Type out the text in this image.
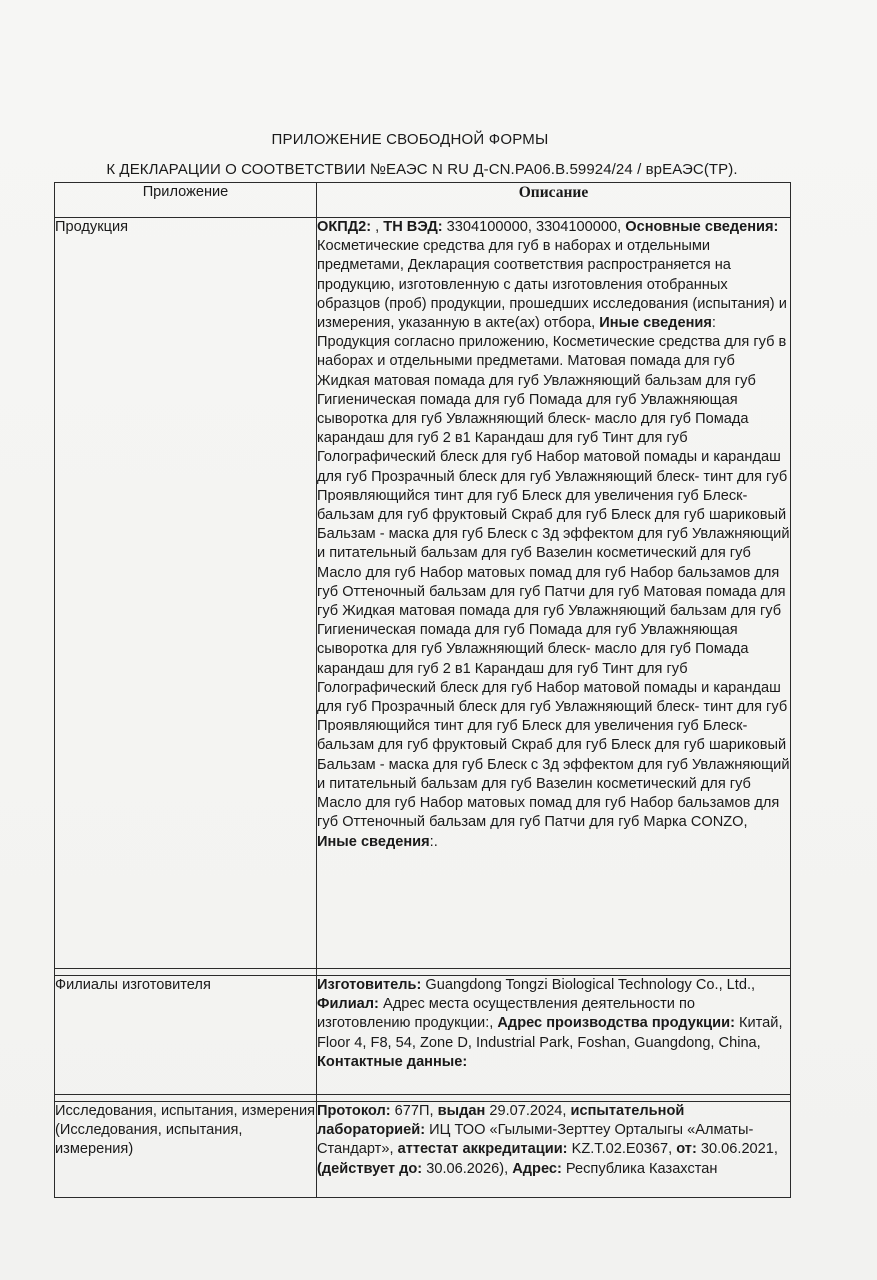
ПРИЛОЖЕНИЕ СВОБОДНОЙ ФОРМЫ
К ДЕКЛАРАЦИИ О СООТВЕТСТВИИ №ЕАЭС N RU Д-CN.PA06.B.59924/24 / врЕАЭС(ТР).
Приложение	Описание
Продукция	ОКПД2: , ТН ВЭД: 3304100000, 3304100000, Основные сведения: Косметические средства для губ в наборах и отдельными предметами, Декларация соответствия распространяется на продукцию, изготовленную с даты изготовления отобранных образцов (проб) продукции, прошедших исследования (испытания) и измерения, указанную в акте(ах) отбора, Иные сведения: Продукция согласно приложению, Косметические средства для губ в наборах и отдельными предметами. Матовая помада для губ Жидкая матовая помада для губ Увлажняющий бальзам для губ Гигиеническая помада для губ Помада для губ Увлажняющая сыворотка для губ Увлажняющий блеск- масло для губ Помада карандаш для губ 2 в1 Карандаш для губ Тинт для губ Голографический блеск для губ Набор матовой помады и карандаш для губ Прозрачный блеск для губ Увлажняющий блеск- тинт для губ Проявляющийся тинт для губ Блеск для увеличения губ Блеск- бальзам для губ фруктовый Скраб для губ Блеск для губ шариковый Бальзам - маска для губ Блеск с 3д эффектом для губ Увлажняющий и питательный бальзам для губ Вазелин косметический для губ Масло для губ Набор матовых помад для губ Набор бальзамов для губ Оттеночный бальзам для губ Патчи для губ Матовая помада для губ Жидкая матовая помада для губ Увлажняющий бальзам для губ Гигиеническая помада для губ Помада для губ Увлажняющая сыворотка для губ Увлажняющий блеск- масло для губ Помада карандаш для губ 2 в1 Карандаш для губ Тинт для губ Голографический блеск для губ Набор матовой помады и карандаш для губ Прозрачный блеск для губ Увлажняющий блеск- тинт для губ Проявляющийся тинт для губ Блеск для увеличения губ Блеск- бальзам для губ фруктовый Скраб для губ Блеск для губ шариковый Бальзам - маска для губ Блеск с 3д эффектом для губ Увлажняющий и питательный бальзам для губ Вазелин косметический для губ Масло для губ Набор матовых помад для губ Набор бальзамов для губ Оттеночный бальзам для губ Патчи для губ Марка CONZO, Иные сведения:.

Филиалы изготовителя	Изготовитель: Guangdong Tongzi Biological Technology Co., Ltd., Филиал: Адрес места осуществления деятельности по изготовлению продукции:, Адрес производства продукции: Китай, Floor 4, F8, 54, Zone D, Industrial Park, Foshan, Guangdong, China, Контактные данные:

Исследования, испытания, измерения (Исследования, испытания, измерения)	Протокол: 677П, выдан 29.07.2024, испытательной лабораторией: ИЦ ТОО «Гылыми-Зерттеу Орталыгы «Алматы-Стандарт», аттестат аккредитации: KZ.T.02.E0367, от: 30.06.2021, (действует до: 30.06.2026), Адрес: Республика Казахстан
